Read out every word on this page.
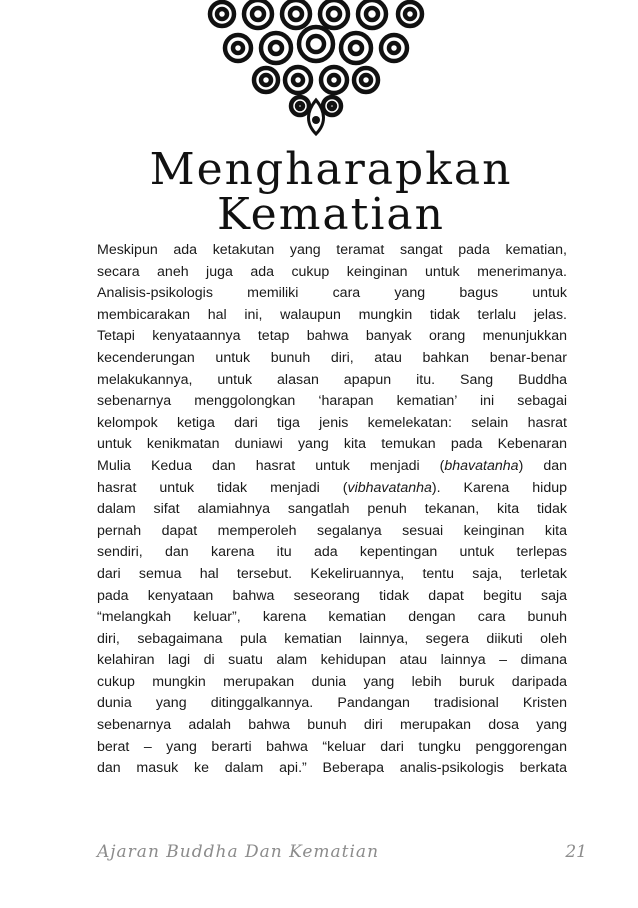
Mengharapkan
Kematian
Meskipun ada ketakutan yang teramat sangat pada kematian,
secara aneh juga ada cukup keinginan untuk menerimanya.
Analisis-psikologis memiliki cara yang bagus untuk
membicarakan hal ini, walaupun mungkin tidak terlalu jelas.
Tetapi kenyataannya tetap bahwa banyak orang menunjukkan
kecenderungan untuk bunuh diri, atau bahkan benar-benar
melakukannya, untuk alasan apapun itu. Sang Buddha
sebenarnya menggolongkan ‘harapan kematian’ ini sebagai
kelompok ketiga dari tiga jenis kemelekatan: selain hasrat
untuk kenikmatan duniawi yang kita temukan pada Kebenaran
Mulia Kedua dan hasrat untuk menjadi (bhavatanha) dan
hasrat untuk tidak menjadi (vibhavatanha). Karena hidup
dalam sifat alamiahnya sangatlah penuh tekanan, kita tidak
pernah dapat memperoleh segalanya sesuai keinginan kita
sendiri, dan karena itu ada kepentingan untuk terlepas
dari semua hal tersebut. Kekeliruannya, tentu saja, terletak
pada kenyataan bahwa seseorang tidak dapat begitu saja
“melangkah keluar”, karena kematian dengan cara bunuh
diri, sebagaimana pula kematian lainnya, segera diikuti oleh
kelahiran lagi di suatu alam kehidupan atau lainnya – dimana
cukup mungkin merupakan dunia yang lebih buruk daripada
dunia yang ditinggalkannya. Pandangan tradisional Kristen
sebenarnya adalah bahwa bunuh diri merupakan dosa yang
berat – yang berarti bahwa “keluar dari tungku penggorengan
dan masuk ke dalam api.” Beberapa analis-psikologis berkata
Ajaran Buddha Dan Kematian	21
